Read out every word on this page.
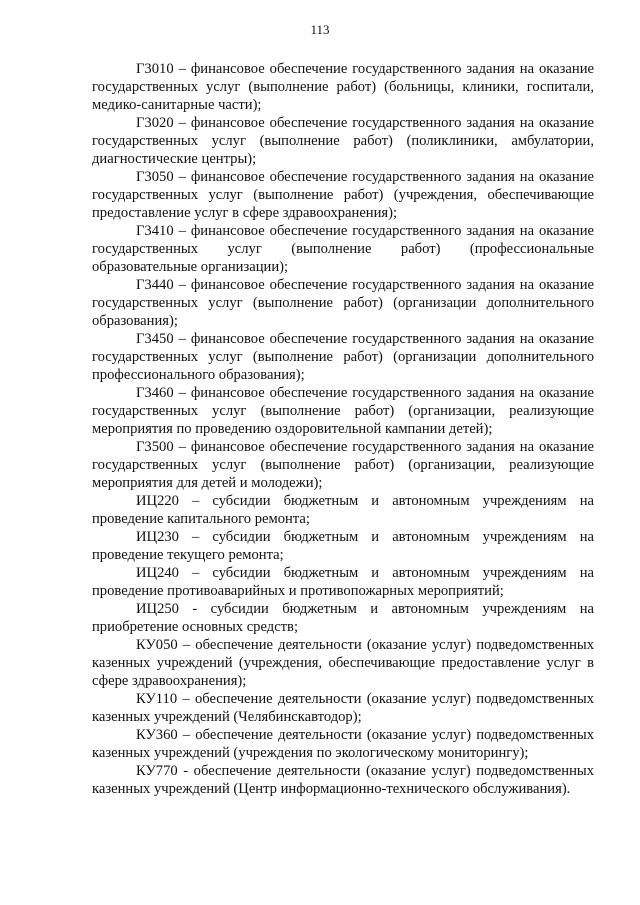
113

Г3010 – финансовое обеспечение государственного задания на оказание государственных услуг (выполнение работ) (больницы, клиники, госпитали, медико-санитарные части);

Г3020 – финансовое обеспечение государственного задания на оказание государственных услуг (выполнение работ) (поликлиники, амбулатории, диагностические центры);

Г3050 – финансовое обеспечение государственного задания на оказание государственных услуг (выполнение работ) (учреждения, обеспечивающие предоставление услуг в сфере здравоохранения);

Г3410 – финансовое обеспечение государственного задания на оказание государственных услуг (выполнение работ) (профессиональные образовательные организации);

Г3440 – финансовое обеспечение государственного задания на оказание государственных услуг (выполнение работ) (организации дополнительного образования);

Г3450 – финансовое обеспечение государственного задания на оказание государственных услуг (выполнение работ) (организации дополнительного профессионального образования);

Г3460 – финансовое обеспечение государственного задания на оказание государственных услуг (выполнение работ) (организации, реализующие мероприятия по проведению оздоровительной кампании детей);

Г3500 – финансовое обеспечение государственного задания на оказание государственных услуг (выполнение работ) (организации, реализующие мероприятия для детей и молодежи);

ИЦ220 – субсидии бюджетным и автономным учреждениям на проведение капитального ремонта;

ИЦ230 – субсидии бюджетным и автономным учреждениям на проведение текущего ремонта;

ИЦ240 – субсидии бюджетным и автономным учреждениям на проведение противоаварийных и противопожарных мероприятий;

ИЦ250 - субсидии бюджетным и автономным учреждениям на приобретение основных средств;

КУ050 – обеспечение деятельности (оказание услуг) подведомственных казенных учреждений (учреждения, обеспечивающие предоставление услуг в сфере здравоохранения);

КУ110 – обеспечение деятельности (оказание услуг) подведомственных казенных учреждений (Челябинскавтодор);

КУ360 – обеспечение деятельности (оказание услуг) подведомственных казенных учреждений (учреждения по экологическому мониторингу);

КУ770 - обеспечение деятельности (оказание услуг) подведомственных казенных учреждений (Центр информационно-технического обслуживания).
